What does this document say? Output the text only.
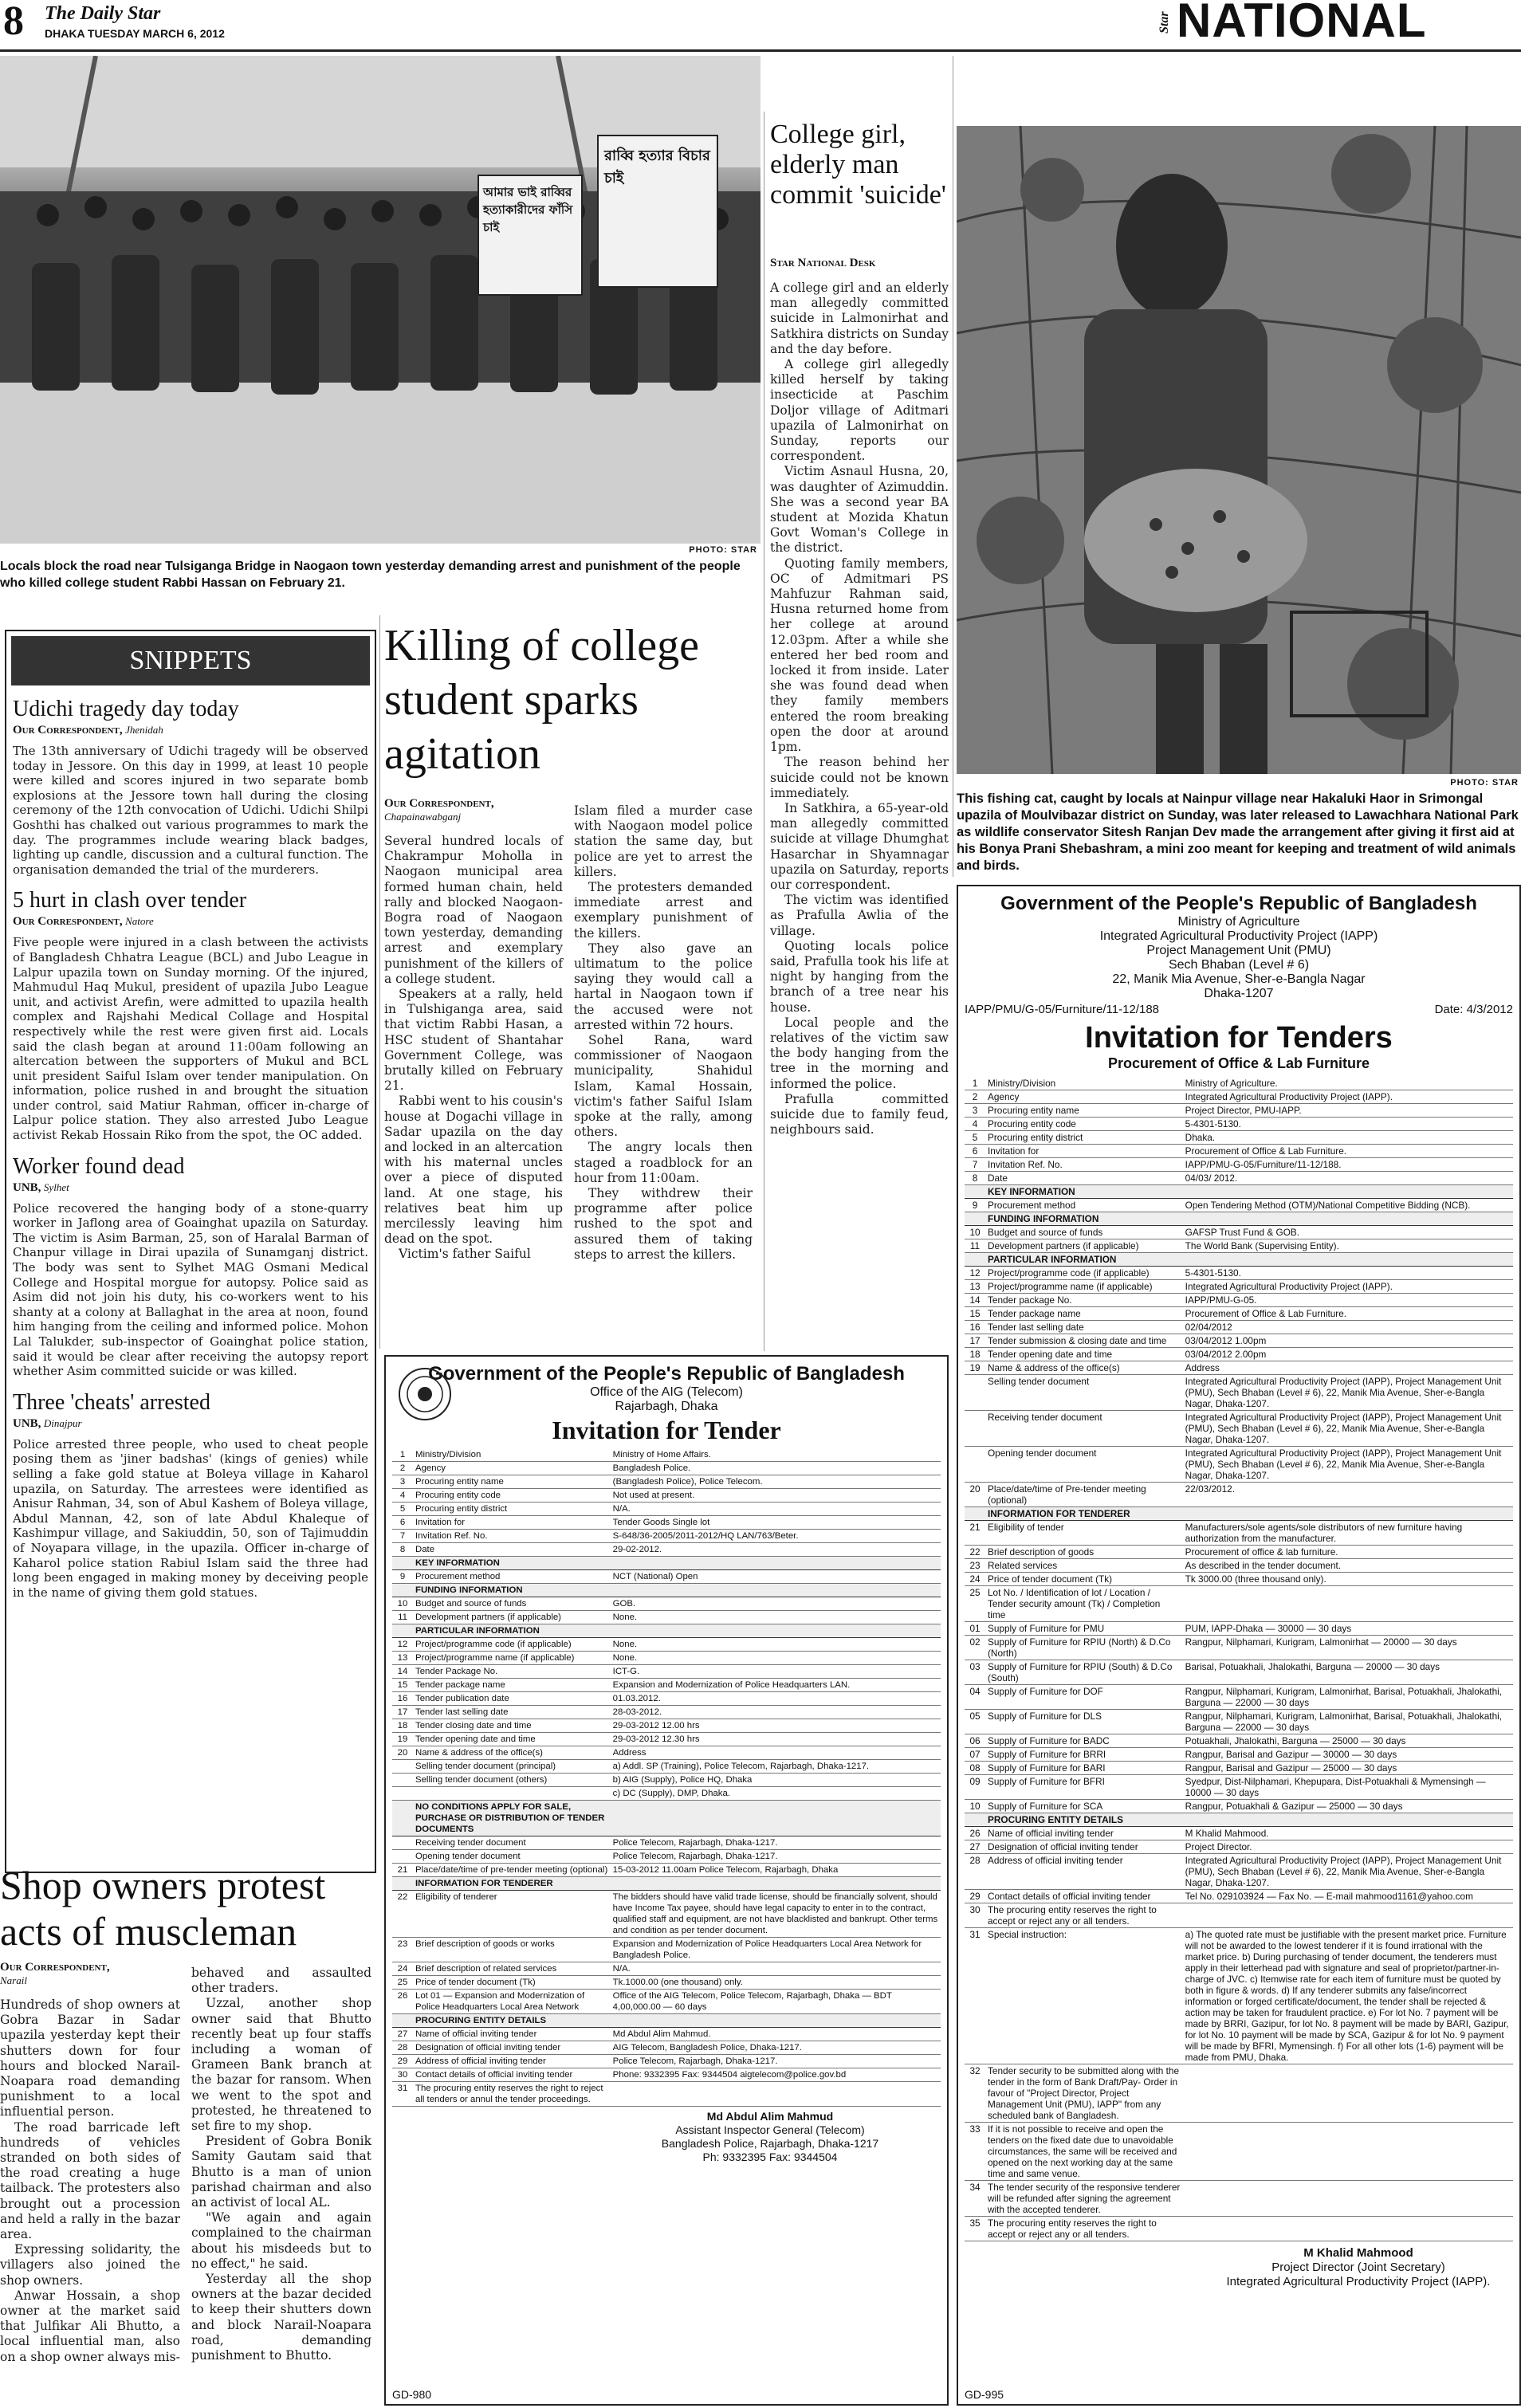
8 The Daily Star
DHAKA TUESDAY MARCH 6, 2012	Star NATIONAL
আমার ভাই রাব্বির হত্যাকারীদের ফাঁসি চাই
রাব্বি হত্যার বিচার চাই
PHOTO: STAR
Locals block the road near Tulsiganga Bridge in Naogaon town yesterday demanding arrest and punishment of the people who killed college student Rabbi Hassan on February 21.
PHOTO: STAR
This fishing cat, caught by locals at Nainpur village near Hakaluki Haor in Srimongal upazila of Moulvibazar district on Sunday, was later released to Lawachhara National Park as wildlife conservator Sitesh Ranjan Dev made the arrangement after giving it first aid at his Bonya Prani Shebashram, a mini zoo meant for keeping and treatment of wild animals and birds.
College girl, elderly man commit 'suicide'
Star National Desk

A college girl and an elderly man allegedly committed suicide in Lalmonirhat and Satkhira districts on Sunday and the day before.

A college girl allegedly killed herself by taking insecticide at Paschim Doljor village of Aditmari upazila of Lalmonirhat on Sunday, reports our correspondent.

Victim Asnaul Husna, 20, was daughter of Azimuddin. She was a second year BA student at Mozida Khatun Govt Woman's College in the district.

Quoting family members, OC of Admitmari PS Mahfuzur Rahman said, Husna returned home from her college at around 12.03pm. After a while she entered her bed room and locked it from inside. Later she was found dead when they family members entered the room breaking open the door at around 1pm.

The reason behind her suicide could not be known immediately.

In Satkhira, a 65-year-old man allegedly committed suicide at village Dhumghat Hasarchar in Shyamnagar upazila on Saturday, reports our correspondent.

The victim was identified as Prafulla Awlia of the village.

Quoting locals police said, Prafulla took his life at night by hanging from the branch of a tree near his house.

Local people and the relatives of the victim saw the body hanging from the tree in the morning and informed the police.

Prafulla committed suicide due to family feud, neighbours said.

SNIPPETS
Udichi tragedy day today
Our Correspondent, Jhenidah
The 13th anniversary of Udichi tragedy will be observed today in Jessore. On this day in 1999, at least 10 people were killed and scores injured in two separate bomb explosions at the Jessore town hall during the closing ceremony of the 12th convocation of Udichi. Udichi Shilpi Goshthi has chalked out various programmes to mark the day. The programmes include wearing black badges, lighting up candle, discussion and a cultural function. The organisation demanded the trial of the murderers.
5 hurt in clash over tender
Our Correspondent, Natore
Five people were injured in a clash between the activists of Bangladesh Chhatra League (BCL) and Jubo League in Lalpur upazila town on Sunday morning. Of the injured, Mahmudul Haq Mukul, president of upazila Jubo League unit, and activist Arefin, were admitted to upazila health complex and Rajshahi Medical Collage and Hospital respectively while the rest were given first aid. Locals said the clash began at around 11:00am following an altercation between the supporters of Mukul and BCL unit president Saiful Islam over tender manipulation. On information, police rushed in and brought the situation under control, said Matiur Rahman, officer in-charge of Lalpur police station. They also arrested Jubo League activist Rekab Hossain Riko from the spot, the OC added.
Worker found dead
UNB, Sylhet
Police recovered the hanging body of a stone-quarry worker in Jaflong area of Goainghat upazila on Saturday. The victim is Asim Barman, 25, son of Haralal Barman of Chanpur village in Dirai upazila of Sunamganj district. The body was sent to Sylhet MAG Osmani Medical College and Hospital morgue for autopsy. Police said as Asim did not join his duty, his co-workers went to his shanty at a colony at Ballaghat in the area at noon, found him hanging from the ceiling and informed police. Mohon Lal Talukder, sub-inspector of Goainghat police station, said it would be clear after receiving the autopsy report whether Asim committed suicide or was killed.
Three 'cheats' arrested
UNB, Dinajpur
Police arrested three people, who used to cheat people posing them as 'jiner badshas' (kings of genies) while selling a fake gold statue at Boleya village in Kaharol upazila, on Saturday. The arrestees were identified as Anisur Rahman, 34, son of Abul Kashem of Boleya village, Abdul Mannan, 42, son of late Abdul Khaleque of Kashimpur village, and Sakiuddin, 50, son of Tajimuddin of Noyapara village, in the upazila. Officer in-charge of Kaharol police station Rabiul Islam said the three had long been engaged in making money by deceiving people in the name of giving them gold statues.
Killing of college student sparks agitation
Our Correspondent,
Chapainawabganj

Several hundred locals of Chakrampur Mohollа in Naogaon municipal area formed human chain, held rally and blocked Naogaon-Bogra road of Naogaon town yesterday, demanding arrest and exemplary punishment of the killers of a college student.

Speakers at a rally, held in Tulshiganga area, said that victim Rabbi Hasan, a HSC student of Shantahar Government College, was brutally killed on February 21.

Rabbi went to his cousin's house at Dogachi village in Sadar upazila on the day and locked in an altercation with his maternal uncles over a piece of disputed land. At one stage, his relatives beat him up mercilessly leaving him dead on the spot.

Victim's father Saiful

Islam filed a murder case with Naogaon model police station the same day, but police are yet to arrest the killers.

The protesters demanded immediate arrest and exemplary punishment of the killers.

They also gave an ultimatum to the police saying they would call a hartal in Naogaon town if the accused were not arrested within 72 hours.

Sohel Rana, ward commissioner of Naogaon municipality, Shahidul Islam, Kamal Hossain, victim's father Saiful Islam spoke at the rally, among others.

The angry locals then staged a roadblock for an hour from 11:00am.

They withdrew their programme after police rushed to the spot and assured them of taking steps to arrest the killers.

Shop owners protest acts of muscleman
Our Correspondent,
Narail

Hundreds of shop owners at Gobra Bazar in Sadar upazila yesterday kept their shutters down for four hours and blocked Narail-Noapara road demanding punishment to a local influential person.

The road barricade left hundreds of vehicles stranded on both sides of the road creating a huge tailback. The protesters also brought out a procession and held a rally in the bazar area.

Expressing solidarity, the villagers also joined the shop owners.

Anwar Hossain, a shop owner at the market said that Julfikar Ali Bhutto, a local influential man, also on a shop owner always mis-

behaved and assaulted other traders.

Uzzal, another shop owner said that Bhutto recently beat up four staffs including a woman of Grameen Bank branch at the bazar for ransom. When we went to the spot and protested, he threatened to set fire to my shop.

President of Gobra Bonik Samity Gautam said that Bhutto is a man of union parishad chairman and also an activist of local AL.

"We again and again complained to the chairman about his misdeeds but to no effect," he said.

Yesterday all the shop owners at the bazar decided to keep their shutters down and block Narail-Noapara road, demanding punishment to Bhutto.

Government of the People's Republic of Bangladesh
Office of the AIG (Telecom)
Rajarbagh, Dhaka
Invitation for Tender
1	Ministry/Division	Ministry of Home Affairs.
2	Agency	Bangladesh Police.
3	Procuring entity name	(Bangladesh Police), Police Telecom.
4	Procuring entity code	Not used at present.
5	Procuring entity district	N/A.
6	Invitation for	Tender Goods Single lot
7	Invitation Ref. No.	S-648/36-2005/2011-2012/HQ LAN/763/Beter.
8	Date	29-02-2012.
	KEY INFORMATION	
9	Procurement method	NCT (National) Open
	FUNDING INFORMATION	
10	Budget and source of funds	GOB.
11	Development partners (if applicable)	None.
	PARTICULAR INFORMATION	
12	Project/programme code (if applicable)	None.
13	Project/programme name (if applicable)	None.
14	Tender Package No.	ICT-G.
15	Tender package name	Expansion and Modernization of Police Headquarters LAN.
16	Tender publication date	01.03.2012.
17	Tender last selling date	28-03-2012.
18	Tender closing date and time	29-03-2012 12.00 hrs
19	Tender opening date and time	29-03-2012 12.30 hrs
20	Name & address of the office(s)	Address
	Selling tender document (principal)	a) Addl. SP (Training), Police Telecom, Rajarbagh, Dhaka-1217.
	Selling tender document (others)	b) AIG (Supply), Police HQ, Dhaka
		c) DC (Supply), DMP, Dhaka.
	NO CONDITIONS APPLY FOR SALE, PURCHASE OR DISTRIBUTION OF TENDER DOCUMENTS	
	Receiving tender document	Police Telecom, Rajarbagh, Dhaka-1217.
	Opening tender document	Police Telecom, Rajarbagh, Dhaka-1217.
21	Place/date/time of pre-tender meeting (optional)	15-03-2012 11.00am Police Telecom, Rajarbagh, Dhaka
	INFORMATION FOR TENDERER	
22	Eligibility of tenderer	The bidders should have valid trade license, should be financially solvent, should have Income Tax payee, should have legal capacity to enter in to the contract, qualified staff and equipment, are not have blacklisted and bankrupt. Other terms and condition as per tender document.
23	Brief description of goods or works	Expansion and Modernization of Police Headquarters Local Area Network for Bangladesh Police.
24	Brief description of related services	N/A.
25	Price of tender document (Tk)	Tk.1000.00 (one thousand) only.
26	Lot 01 — Expansion and Modernization of Police Headquarters Local Area Network	Office of the AIG Telecom, Police Telecom, Rajarbagh, Dhaka — BDT 4,00,000.00 — 60 days
	PROCURING ENTITY DETAILS	
27	Name of official inviting tender	Md Abdul Alim Mahmud.
28	Designation of official inviting tender	AIG Telecom, Bangladesh Police, Dhaka-1217.
29	Address of official inviting tender	Police Telecom, Rajarbagh, Dhaka-1217.
30	Contact details of official inviting tender	Phone: 9332395 Fax: 9344504 aigtelecom@police.gov.bd
31	The procuring entity reserves the right to reject all tenders or annul the tender proceedings.	
Md Abdul Alim Mahmud
Assistant Inspector General (Telecom)
Bangladesh Police, Rajarbagh, Dhaka-1217
Ph: 9332395 Fax: 9344504
GD-980
Government of the People's Republic of Bangladesh
Ministry of Agriculture
Integrated Agricultural Productivity Project (IAPP)
Project Management Unit (PMU)
Sech Bhaban (Level # 6)
22, Manik Mia Avenue, Sher-e-Bangla Nagar
Dhaka-1207
IAPP/PMU/G-05/Furniture/11-12/188	Date: 4/3/2012
Invitation for Tenders
Procurement of Office & Lab Furniture
1	Ministry/Division	Ministry of Agriculture.
2	Agency	Integrated Agricultural Productivity Project (IAPP).
3	Procuring entity name	Project Director, PMU-IAPP.
4	Procuring entity code	5-4301-5130.
5	Procuring entity district	Dhaka.
6	Invitation for	Procurement of Office & Lab Furniture.
7	Invitation Ref. No.	IAPP/PMU-G-05/Furniture/11-12/188.
8	Date	04/03/ 2012.
	KEY INFORMATION	
9	Procurement method	Open Tendering Method (OTM)/National Competitive Bidding (NCB).
	FUNDING INFORMATION	
10	Budget and source of funds	GAFSP Trust Fund & GOB.
11	Development partners (if applicable)	The World Bank (Supervising Entity).
	PARTICULAR INFORMATION	
12	Project/programme code (if applicable)	5-4301-5130.
13	Project/programme name (if applicable)	Integrated Agricultural Productivity Project (IAPP).
14	Tender package No.	IAPP/PMU-G-05.
15	Tender package name	Procurement of Office & Lab Furniture.
16	Tender last selling date	02/04/2012
17	Tender submission & closing date and time	03/04/2012 1.00pm
18	Tender opening date and time	03/04/2012 2.00pm
19	Name & address of the office(s)	Address
	Selling tender document	Integrated Agricultural Productivity Project (IAPP), Project Management Unit (PMU), Sech Bhaban (Level # 6), 22, Manik Mia Avenue, Sher-e-Bangla Nagar, Dhaka-1207.
	Receiving tender document	Integrated Agricultural Productivity Project (IAPP), Project Management Unit (PMU), Sech Bhaban (Level # 6), 22, Manik Mia Avenue, Sher-e-Bangla Nagar, Dhaka-1207.
	Opening tender document	Integrated Agricultural Productivity Project (IAPP), Project Management Unit (PMU), Sech Bhaban (Level # 6), 22, Manik Mia Avenue, Sher-e-Bangla Nagar, Dhaka-1207.
20	Place/date/time of Pre-tender meeting (optional)	22/03/2012.
	INFORMATION FOR TENDERER	
21	Eligibility of tender	Manufacturers/sole agents/sole distributors of new furniture having authorization from the manufacturer.
22	Brief description of goods	Procurement of office & lab furniture.
23	Related services	As described in the tender document.
24	Price of tender document (Tk)	Tk 3000.00 (three thousand only).
25	Lot No. / Identification of lot / Location / Tender security amount (Tk) / Completion time	
01	Supply of Furniture for PMU	PUM, IAPP-Dhaka — 30000 — 30 days
02	Supply of Furniture for RPIU (North) & D.Co (North)	Rangpur, Nilphamari, Kurigram, Lalmonirhat — 20000 — 30 days
03	Supply of Furniture for RPIU (South) & D.Co (South)	Barisal, Potuakhali, Jhalokathi, Barguna — 20000 — 30 days
04	Supply of Furniture for DOF	Rangpur, Nilphamari, Kurigram, Lalmonirhat, Barisal, Potuakhali, Jhalokathi, Barguna — 22000 — 30 days
05	Supply of Furniture for DLS	Rangpur, Nilphamari, Kurigram, Lalmonirhat, Barisal, Potuakhali, Jhalokathi, Barguna — 22000 — 30 days
06	Supply of Furniture for BADC	Potuakhali, Jhalokathi, Barguna — 25000 — 30 days
07	Supply of Furniture for BRRI	Rangpur, Barisal and Gazipur — 30000 — 30 days
08	Supply of Furniture for BARI	Rangpur, Barisal and Gazipur — 25000 — 30 days
09	Supply of Furniture for BFRI	Syedpur, Dist-Nilphamari, Khepupara, Dist-Potuakhali & Mymensingh — 10000 — 30 days
10	Supply of Furniture for SCA	Rangpur, Potuakhali & Gazipur — 25000 — 30 days
	PROCURING ENTITY DETAILS	
26	Name of official inviting tender	M Khalid Mahmood.
27	Designation of official inviting tender	Project Director.
28	Address of official inviting tender	Integrated Agricultural Productivity Project (IAPP), Project Management Unit (PMU), Sech Bhaban (Level # 6), 22, Manik Mia Avenue, Sher-e-Bangla Nagar, Dhaka-1207.
29	Contact details of official inviting tender	Tel No. 029103924 — Fax No. — E-mail mahmood1161@yahoo.com
30	The procuring entity reserves the right to accept or reject any or all tenders.	
31	Special instruction:	a) The quoted rate must be justifiable with the present market price. Furniture will not be awarded to the lowest tenderer if it is found irrational with the market price. b) During purchasing of tender document, the tenderers must apply in their letterhead pad with signature and seal of proprietor/partner-in-charge of JVC. c) Itemwise rate for each item of furniture must be quoted by both in figure & words. d) If any tenderer submits any false/incorrect information or forged certificate/document, the tender shall be rejected & action may be taken for fraudulent practice. e) For lot No. 7 payment will be made by BRRI, Gazipur, for lot No. 8 payment will be made by BARI, Gazipur, for lot No. 10 payment will be made by SCA, Gazipur & for lot No. 9 payment will be made by BFRI, Mymensingh. f) For all other lots (1-6) payment will be made from PMU, Dhaka.
32	Tender security to be submitted along with the tender in the form of Bank Draft/Pay- Order in favour of "Project Director, Project Management Unit (PMU), IAPP" from any scheduled bank of Bangladesh.	
33	If it is not possible to receive and open the tenders on the fixed date due to unavoidable circumstances, the same will be received and opened on the next working day at the same time and same venue.	
34	The tender security of the responsive tenderer will be refunded after signing the agreement with the accepted tenderer.	
35	The procuring entity reserves the right to accept or reject any or all tenders.	
M Khalid Mahmood
Project Director (Joint Secretary)
Integrated Agricultural Productivity Project (IAPP).
GD-995
